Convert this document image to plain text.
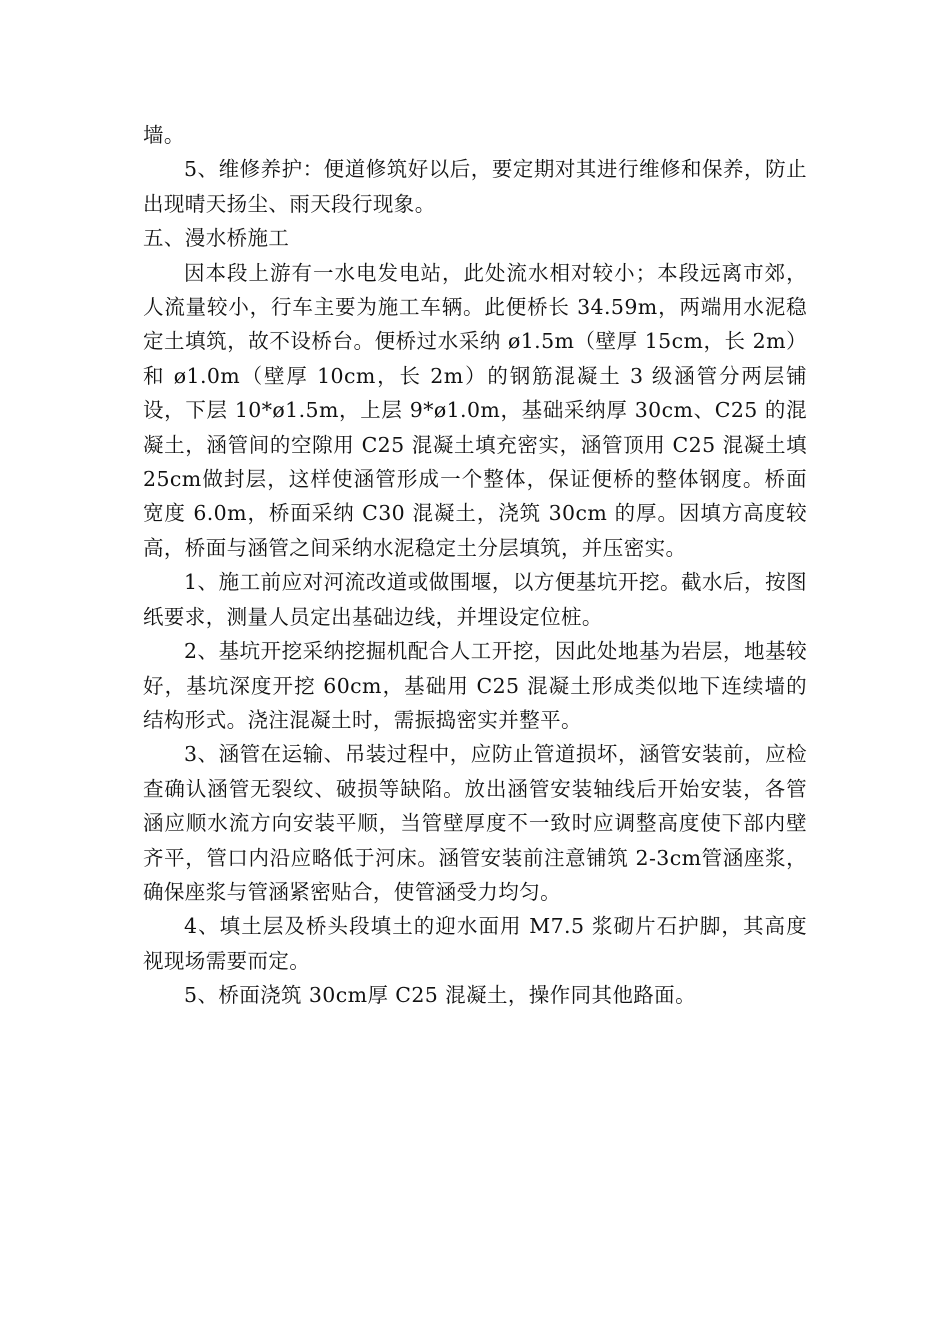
墙。

5、维修养护：便道修筑好以后，要定期对其进行维修和保养，防止出现晴天扬尘、雨天段行现象。

五、漫水桥施工

因本段上游有一水电发电站，此处流水相对较小；本段远离市郊，人流量较小，行车主要为施工车辆。此便桥长 34.59m，两端用水泥稳定土填筑，故不设桥台。便桥过水采纳 ø1.5m（壁厚 15cm，长 2m）和 ø1.0m（壁厚 10cm，长 2m）的钢筋混凝土 3 级涵管分两层铺设，下层 10*ø1.5m，上层 9*ø1.0m，基础采纳厚 30cm、C25 的混凝土，涵管间的空隙用 C25 混凝土填充密实，涵管顶用 C25 混凝土填 25cm做封层，这样使涵管形成一个整体，保证便桥的整体钢度。桥面宽度 6.0m，桥面采纳 C30 混凝土，浇筑 30cm 的厚。因填方高度较高，桥面与涵管之间采纳水泥稳定土分层填筑，并压密实。

1、施工前应对河流改道或做围堰，以方便基坑开挖。截水后，按图纸要求，测量人员定出基础边线，并埋设定位桩。

2、基坑开挖采纳挖掘机配合人工开挖，因此处地基为岩层，地基较好，基坑深度开挖 60cm，基础用 C25 混凝土形成类似地下连续墙的结构形式。浇注混凝土时，需振捣密实并整平。

3、涵管在运输、吊装过程中，应防止管道损坏，涵管安装前，应检查确认涵管无裂纹、破损等缺陷。放出涵管安装轴线后开始安装，各管涵应顺水流方向安装平顺，当管壁厚度不一致时应调整高度使下部内壁齐平，管口内沿应略低于河床。涵管安装前注意铺筑 2-3cm管涵座浆，确保座浆与管涵紧密贴合，使管涵受力均匀。

4、填土层及桥头段填土的迎水面用 M7.5 浆砌片石护脚，其高度视现场需要而定。

5、桥面浇筑 30cm厚 C25 混凝土，操作同其他路面。
